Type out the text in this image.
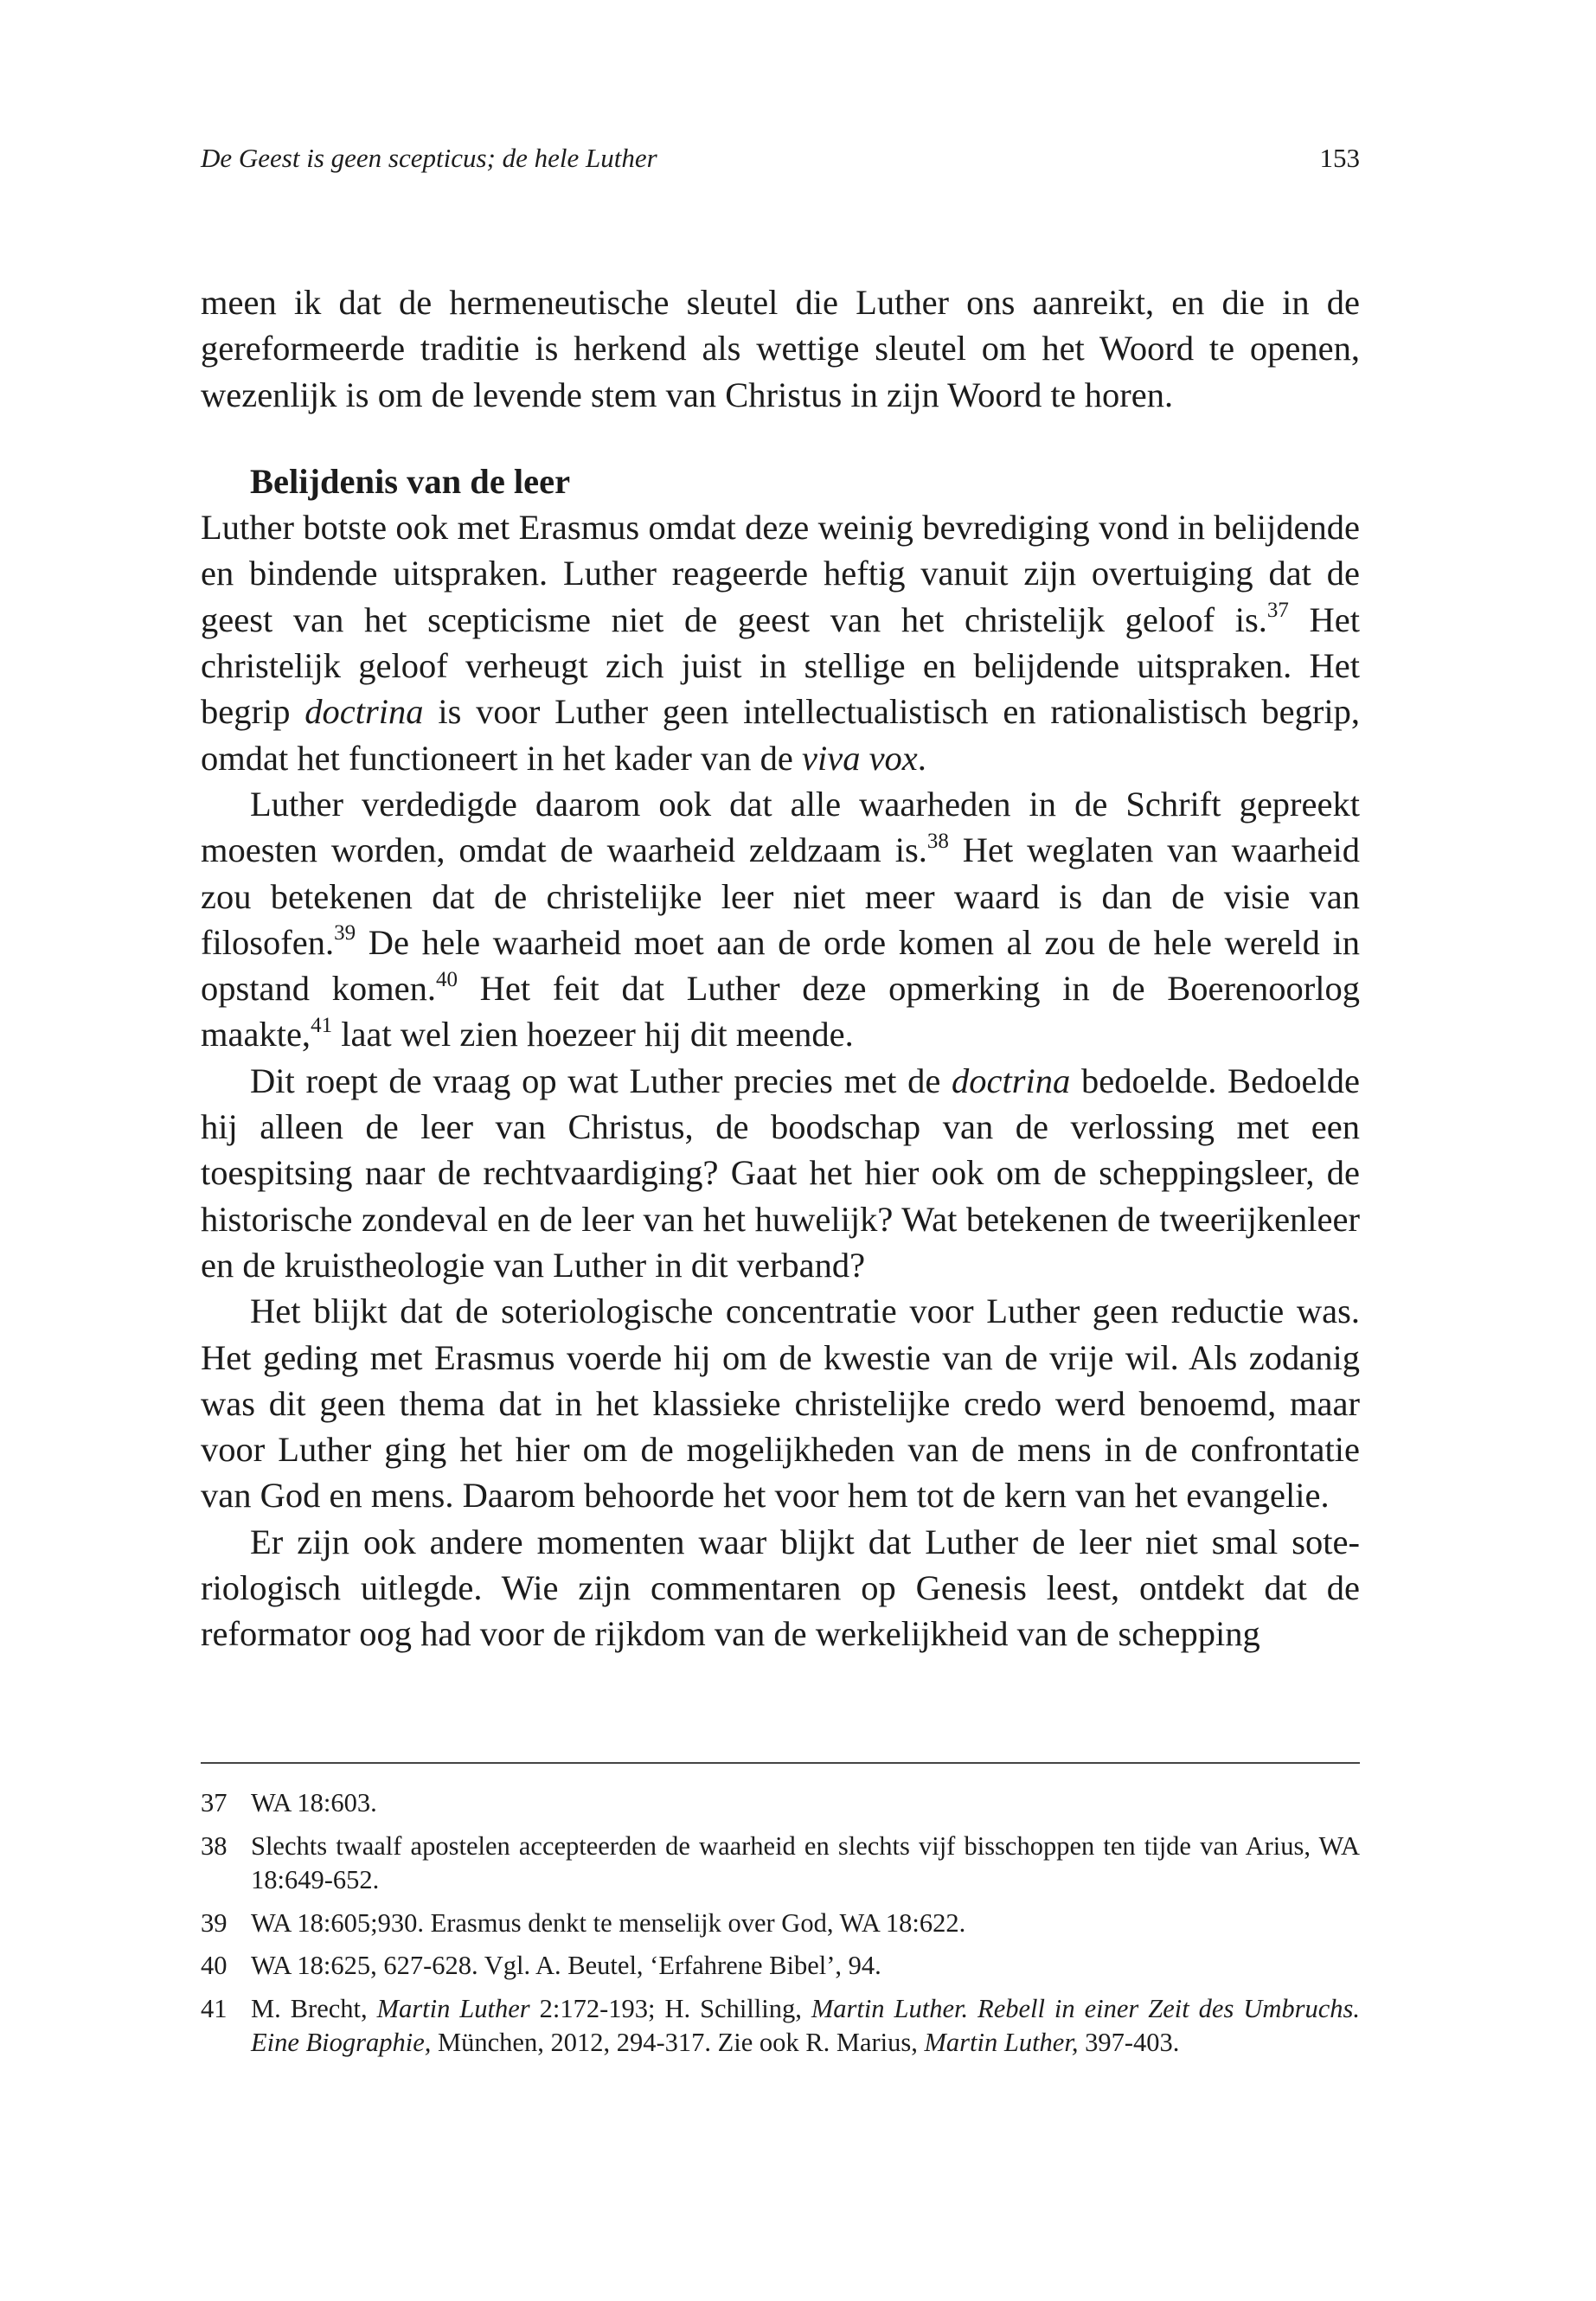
De Geest is geen scepticus; de hele Luther	153

meen ik dat de hermeneutische sleutel die Luther ons aanreikt, en die in de gereformeerde traditie is herkend als wettige sleutel om het Woord te openen, wezenlijk is om de levende stem van Christus in zijn Woord te horen.

Belijdenis van de leer

Luther botste ook met Erasmus omdat deze weinig bevrediging vond in belijdende en bindende uitspraken. Luther reageerde heftig vanuit zijn overtuiging dat de geest van het scepticisme niet de geest van het christelijk geloof is.$^{37}$ Het christelijk geloof verheugt zich juist in stellige en belijdende uitspraken. Het begrip doctrina is voor Luther geen intellectualistisch en rationalistisch begrip, omdat het functioneert in het kader van de viva vox.

Luther verdedigde daarom ook dat alle waarheden in de Schrift gepreekt moesten worden, omdat de waarheid zeldzaam is.$^{38}$ Het weglaten van waarheid zou betekenen dat de christelijke leer niet meer waard is dan de visie van filosofen.$^{39}$ De hele waarheid moet aan de orde komen al zou de hele wereld in opstand komen.$^{40}$ Het feit dat Luther deze opmerking in de Boerenoorlog maakte,$^{41}$ laat wel zien hoezeer hij dit meende.

Dit roept de vraag op wat Luther precies met de doctrina bedoelde. Bedoelde hij alleen de leer van Christus, de boodschap van de verlossing met een toespitsing naar de rechtvaardiging? Gaat het hier ook om de scheppingsleer, de historische zondeval en de leer van het huwelijk? Wat betekenen de tweerijkenleer en de kruistheologie van Luther in dit verband?

Het blijkt dat de soteriologische concentratie voor Luther geen reductie was. Het geding met Erasmus voerde hij om de kwestie van de vrije wil. Als zodanig was dit geen thema dat in het klassieke christelijke credo werd benoemd, maar voor Luther ging het hier om de mogelijkheden van de mens in de confrontatie van God en mens. Daarom behoorde het voor hem tot de kern van het evangelie.

Er zijn ook andere momenten waar blijkt dat Luther de leer niet smal soteriologisch uitlegde. Wie zijn commentaren op Genesis leest, ontdekt dat de reformator oog had voor de rijkdom van de werkelijkheid van de schepping

37 WA 18:603.
38 Slechts twaalf apostelen accepteerden de waarheid en slechts vijf bisschoppen ten tijde van Arius, WA 18:649-652.
39 WA 18:605;930. Erasmus denkt te menselijk over God, WA 18:622.
40 WA 18:625, 627-628. Vgl. A. Beutel, ‘Erfahrene Bibel’, 94.
41 M. Brecht, Martin Luther 2:172-193; H. Schilling, Martin Luther. Rebell in einer Zeit des Umbruchs. Eine Biographie, München, 2012, 294-317. Zie ook R. Marius, Martin Luther, 397-403.
